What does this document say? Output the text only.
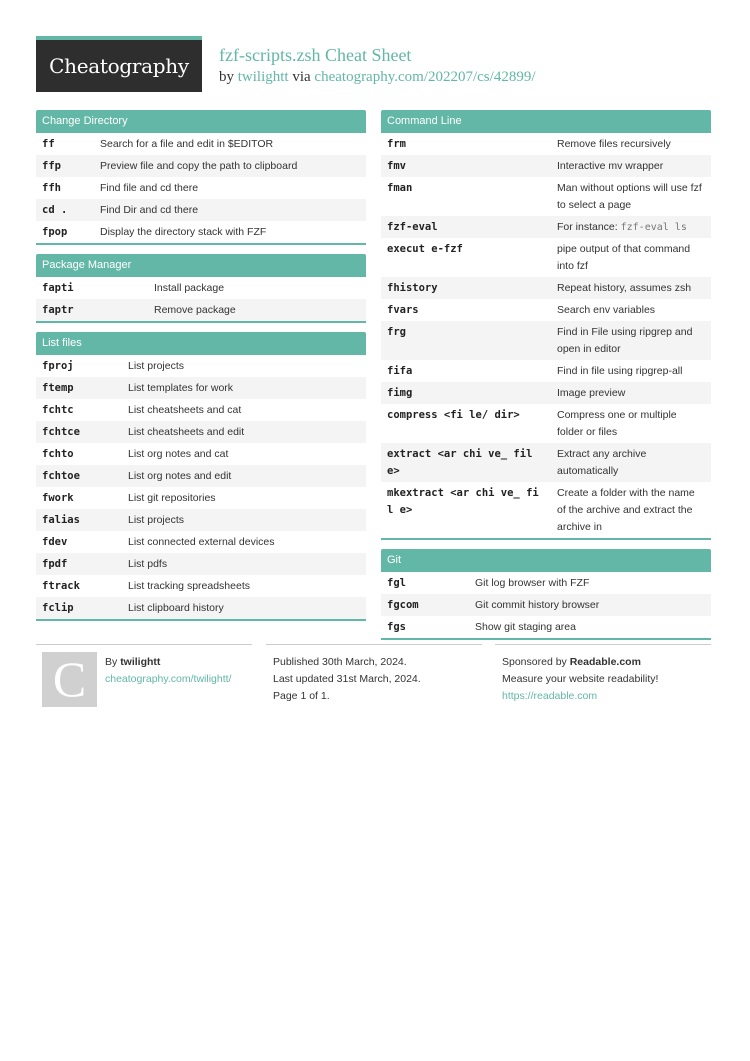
Cheatography fzf-scripts.zsh Cheat Sheet
by twilightt via cheatography.com/202207/cs/42899/
Change Directory
ff	Search for a file and edit in $EDITOR
ffp	Preview file and copy the path to clipboard
ffh	Find file and cd there
cd .	Find Dir and cd there
fpop	Display the directory stack with FZF
Package Manager
fapti	Install package
faptr	Remove package
List files
fproj	List projects
ftemp	List templates for work
fchtc	List cheatsheets and cat
fchtce	List cheatsheets and edit
fchto	List org notes and cat
fchtoe	List org notes and edit
fwork	List git repositories
falias	List projects
fdev	List connected external devices
fpdf	List pdfs
ftrack	List tracking spreadsheets
fclip	List clipboard history
Command Line
frm	Remove files recursively
fmv	Interactive mv wrapper
fman	Man without options will use fzf to select a page
fzf-eval	For instance: fzf-eval ls
execut e-fzf	pipe output of that command into fzf
fhistory	Repeat history, assumes zsh
fvars	Search env variables
frg	Find in File using ripgrep and open in editor
fifa	Find in file using ripgrep-all
fimg	Image preview
compress <fi le/ dir>	Compress one or multiple folder or files
extract <ar chi ve_ fil e>	Extract any archive automatically
mkextract <ar chi ve_ fi l e>	Create a folder with the name of the archive and extract the archive in
Git
fgl	Git log browser with FZF
fgcom	Git commit history browser
fgs	Show git staging area
C By twilightt
cheatography.com/twilightt/
Published 30th March, 2024.
Last updated 31st March, 2024.
Page 1 of 1.
Sponsored by Readable.com
Measure your website readability!
https://readable.com
